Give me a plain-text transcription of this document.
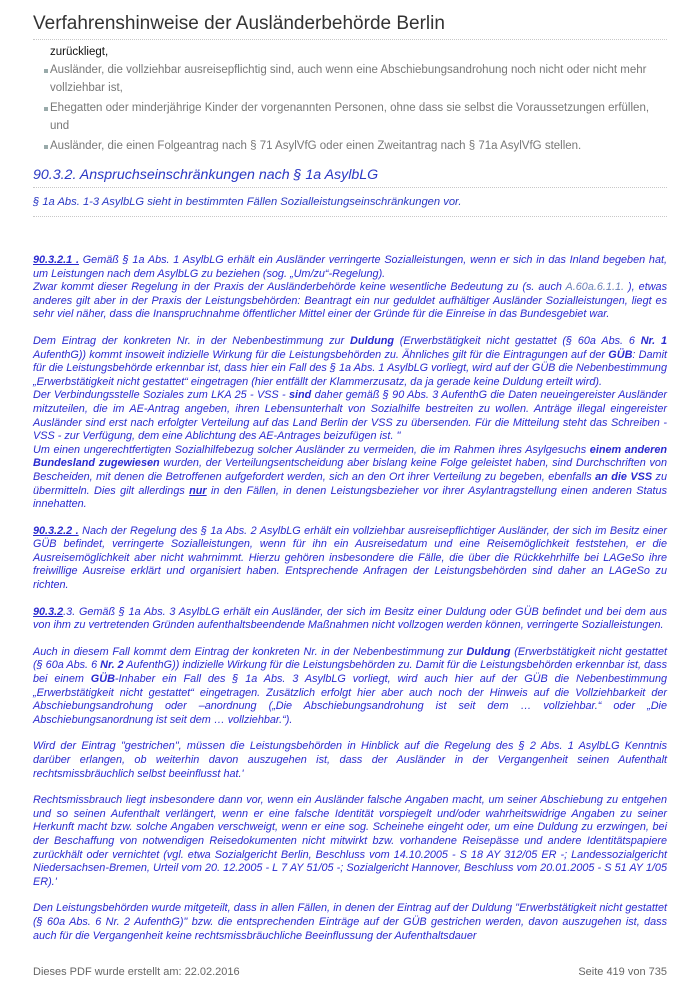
Verfahrenshinweise der Ausländerbehörde Berlin

zurückliegt,

Ausländer, die vollziehbar ausreisepflichtig sind, auch wenn eine Abschiebungsandrohung noch nicht oder nicht mehr vollziehbar ist,
Ehegatten oder minderjährige Kinder der vorgenannten Personen, ohne dass sie selbst die Voraussetzungen erfüllen, und
Ausländer, die einen Folgeantrag nach § 71 AsylVfG oder einen Zweitantrag nach § 71a AsylVfG stellen.
90.3.2. Anspruchseinschränkungen nach § 1a AsylbLG

§ 1a Abs. 1-3 AsylbLG sieht in bestimmten Fällen Sozialleistungseinschränkungen vor.

90.3.2.1 . Gemäß § 1a Abs. 1 AsylbLG erhält ein Ausländer verringerte Sozialleistungen, wenn er sich in das Inland begeben hat, um Leistungen nach dem AsylbLG zu beziehen (sog. „Um/zu“-Regelung).
Zwar kommt dieser Regelung in der Praxis der Ausländerbehörde keine wesentliche Bedeutung zu (s. auch A.60a.6.1.1. ), etwas anderes gilt aber in der Praxis der Leistungsbehörden: Beantragt ein nur geduldet aufhältiger Ausländer Sozialleistungen, liegt es sehr viel näher, dass die Inanspruchnahme öffentlicher Mittel einer der Gründe für die Einreise in das Bundesgebiet war.

Dem Eintrag der konkreten Nr. in der Nebenbestimmung zur Duldung (Erwerbstätigkeit nicht gestattet (§ 60a Abs. 6 Nr. 1 AufenthG)) kommt insoweit indizielle Wirkung für die Leistungsbehörden zu. Ähnliches gilt für die Eintragungen auf der GÜB: Damit für die Leistungsbehörde erkennbar ist, dass hier ein Fall des § 1a Abs. 1 AsylbLG vorliegt, wird auf der GÜB die Nebenbestimmung „Erwerbstätigkeit nicht gestattet“ eingetragen (hier entfällt der Klammerzusatz, da ja gerade keine Duldung erteilt wird).

Der Verbindungsstelle Soziales zum LKA 25 - VSS - sind daher gemäß § 90 Abs. 3 AufenthG die Daten neueingereister Ausländer mitzuteilen, die im AE-Antrag angeben, ihren Lebensunterhalt von Sozialhilfe bestreiten zu wollen. Anträge illegal eingereister Ausländer sind erst nach erfolgter Verteilung auf das Land Berlin der VSS zu übersenden. Für die Mitteilung steht das Schreiben - VSS - zur Verfügung, dem eine Ablichtung des AE-Antrages beizufügen ist. ''

Um einen ungerechtfertigten Sozialhilfebezug solcher Ausländer zu vermeiden, die im Rahmen ihres Asylgesuchs einem anderen Bundesland zugewiesen wurden, der Verteilungsentscheidung aber bislang keine Folge geleistet haben, sind Durchschriften von Bescheiden, mit denen die Betroffenen aufgefordert werden, sich an den Ort ihrer Verteilung zu begeben, ebenfalls an die VSS zu übermitteln. Dies gilt allerdings nur in den Fällen, in denen Leistungsbezieher vor ihrer Asylantragstellung einen anderen Status innehatten.

90.3.2.2 . Nach der Regelung des § 1a Abs. 2 AsylbLG erhält ein vollziehbar ausreisepflichtiger Ausländer, der sich im Besitz einer GÜB befindet, verringerte Sozialleistungen, wenn für ihn ein Ausreisedatum und eine Reisemöglichkeit feststehen, er die Ausreisemöglichkeit aber nicht wahrnimmt. Hierzu gehören insbesondere die Fälle, die über die Rückkehrhilfe bei LAGeSo ihre freiwillige Ausreise erklärt und organisiert haben. Entsprechende Anfragen der Leistungsbehörden sind daher an LAGeSo zu richten.

90.3.2.3. Gemäß § 1a Abs. 3 AsylbLG erhält ein Ausländer, der sich im Besitz einer Duldung oder GÜB befindet und bei dem aus von ihm zu vertretenden Gründen aufenthaltsbeendende Maßnahmen nicht vollzogen werden können, verringerte Sozialleistungen.

Auch in diesem Fall kommt dem Eintrag der konkreten Nr. in der Nebenbestimmung zur Duldung (Erwerbstätigkeit nicht gestattet (§ 60a Abs. 6 Nr. 2 AufenthG)) indizielle Wirkung für die Leistungsbehörden zu. Damit für die Leistungsbehörden erkennbar ist, dass bei einem GÜB-Inhaber ein Fall des § 1a Abs. 3 AsylbLG vorliegt, wird auch hier auf der GÜB die Nebenbestimmung „Erwerbstätigkeit nicht gestattet“ eingetragen. Zusätzlich erfolgt hier aber auch noch der Hinweis auf die Vollziehbarkeit der Abschiebungsandrohung oder –anordnung („Die Abschiebungsandrohung ist seit dem … vollziehbar.“ oder „Die Abschiebungsanordnung ist seit dem … vollziehbar.“).

Wird der Eintrag "gestrichen", müssen die Leistungsbehörden in Hinblick auf die Regelung des § 2 Abs. 1 AsylbLG Kenntnis darüber erlangen, ob weiterhin davon auszugehen ist, dass der Ausländer in der Vergangenheit seinen Aufenthalt rechtsmissbräuchlich selbst beeinflusst hat.'

Rechtsmissbrauch liegt insbesondere dann vor, wenn ein Ausländer falsche Angaben macht, um seiner Abschiebung zu entgehen und so seinen Aufenthalt verlängert, wenn er eine falsche Identität vorspiegelt und/oder wahrheitswidrige Angaben zu seiner Herkunft macht bzw. solche Angaben verschweigt, wenn er eine sog. Scheinehe eingeht oder, um eine Duldung zu erzwingen, bei der Beschaffung von notwendigen Reisedokumenten nicht mitwirkt bzw. vorhandene Reisepässe und andere Identitätspapiere zurückhält oder vernichtet (vgl. etwa Sozialgericht Berlin, Beschluss vom 14.10.2005 - S 18 AY 312/05 ER -; Landessozialgericht Niedersachsen-Bremen, Urteil vom 20. 12.2005 - L 7 AY 51/05 -; Sozialgericht Hannover, Beschluss vom 20.01.2005 - S 51 AY 1/05 ER).'

Den Leistungsbehörden wurde mitgeteilt, dass in allen Fällen, in denen der Eintrag auf der Duldung "Erwerbstätigkeit nicht gestattet (§ 60a Abs. 6 Nr. 2 AufenthG)" bzw. die entsprechenden Einträge auf der GÜB gestrichen werden, davon auszugehen ist, dass auch für die Vergangenheit keine rechtsmissbräuchliche Beeinflussung der Aufenthaltsdauer

Dieses PDF wurde erstellt am: 22.02.2016	Seite 419 von 735
